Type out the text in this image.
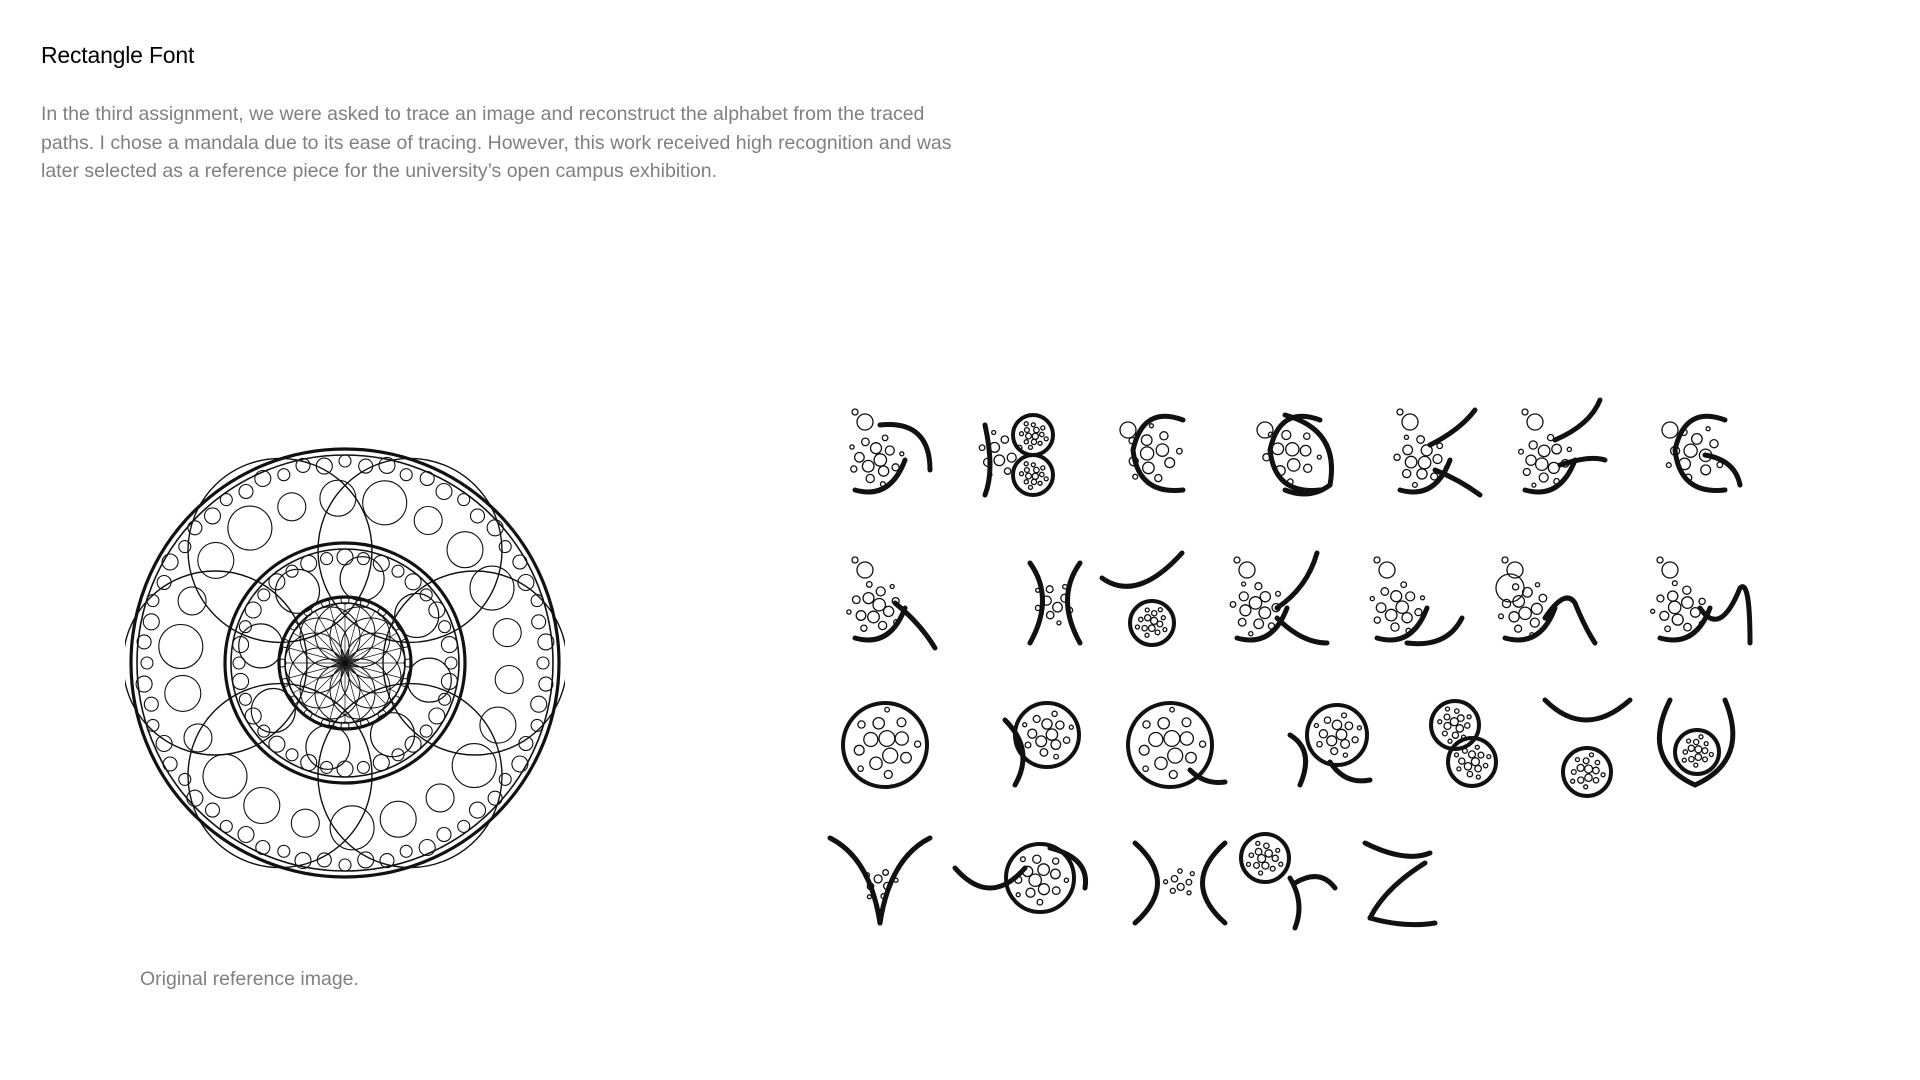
Rectangle Font

In the third assignment, we were asked to trace an image and reconstruct the alphabet from the traced paths. I chose a mandala due to its ease of tracing. However, this work received high recognition and was later selected as a reference piece for the university’s open campus exhibition.

Original reference image.
